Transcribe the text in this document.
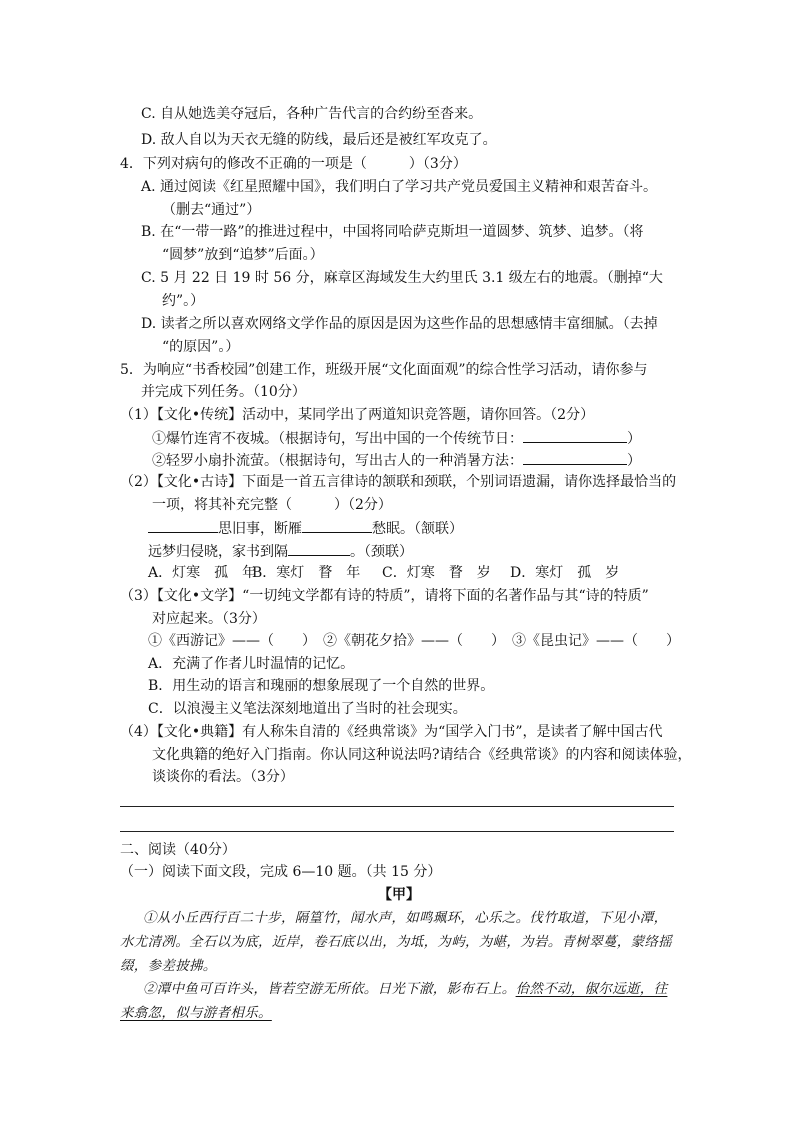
C. 自从她选美夺冠后，各种广告代言的合约纷至沓来。
D. 敌人自以为天衣无缝的防线，最后还是被红军攻克了。
4．下列对病句的修改不正确的一项是（　　　）（3分）
A. 通过阅读《红星照耀中国》，我们明白了学习共产党员爱国主义精神和艰苦奋斗。
（删去“通过”）
B. 在“一带一路”的推进过程中，中国将同哈萨克斯坦一道圆梦、筑梦、追梦。（将
“圆梦”放到“追梦”后面。）
C. 5 月 22 日 19 时 56 分，麻章区海域发生大约里氏 3.1 级左右的地震。（删掉“大
约”。）
D. 读者之所以喜欢网络文学作品的原因是因为这些作品的思想感情丰富细腻。（去掉
“的原因”。）
5．为响应“书香校园”创建工作，班级开展“文化面面观”的综合性学习活动，请你参与
并完成下列任务。（10分）
（1）【文化•传统】活动中，某同学出了两道知识竞答题，请你回答。（2分）
①爆竹连宵不夜城。（根据诗句，写出中国的一个传统节日：	）
②轻罗小扇扑流萤。（根据诗句，写出古人的一种消暑方法：	）
（2）【文化•古诗】下面是一首五言律诗的颔联和颈联，个别词语遗漏，请你选择最恰当的
一项，将其补充完整（　　　）（2分）
思旧事，断雁	愁眠。（颔联）
远梦归侵晓，家书到隔	。（颈联）
A．灯寒　孤　年B．寒灯　瞀　年 C．灯寒　瞀　岁 D．寒灯　孤　岁
（3）【文化•文学】“一切纯文学都有诗的特质”，请将下面的名著作品与其“诗的特质”
对应起来。（3分）
①《西游记》——（　　）　②《朝花夕拾》——（　　）　③《昆虫记》——（　　）
A．充满了作者儿时温情的记忆。
B．用生动的语言和瑰丽的想象展现了一个自然的世界。
C．以浪漫主义笔法深刻地道出了当时的社会现实。
（4）【文化•典籍】有人称朱自清的《经典常谈》为“国学入门书”，是读者了解中国古代
文化典籍的绝好入门指南。你认同这种说法吗?请结合《经典常谈》的内容和阅读体验，
谈谈你的看法。（3分）
二、阅读（40分）
（一）阅读下面文段，完成 6—10 题。（共 15 分）
【甲】
①从小丘西行百二十步，隔篁竹，闻水声，如鸣珮环，心乐之。伐竹取道，下见小潭，
水尤清冽。全石以为底，近岸，卷石底以出，为坻，为屿，为嵁，为岩。青树翠蔓，蒙络摇
缀，参差披拂。
②潭中鱼可百许头，皆若空游无所依。日光下澈，影布石上。佁然不动，俶尔远逝，往
来翕忽，似与游者相乐。
